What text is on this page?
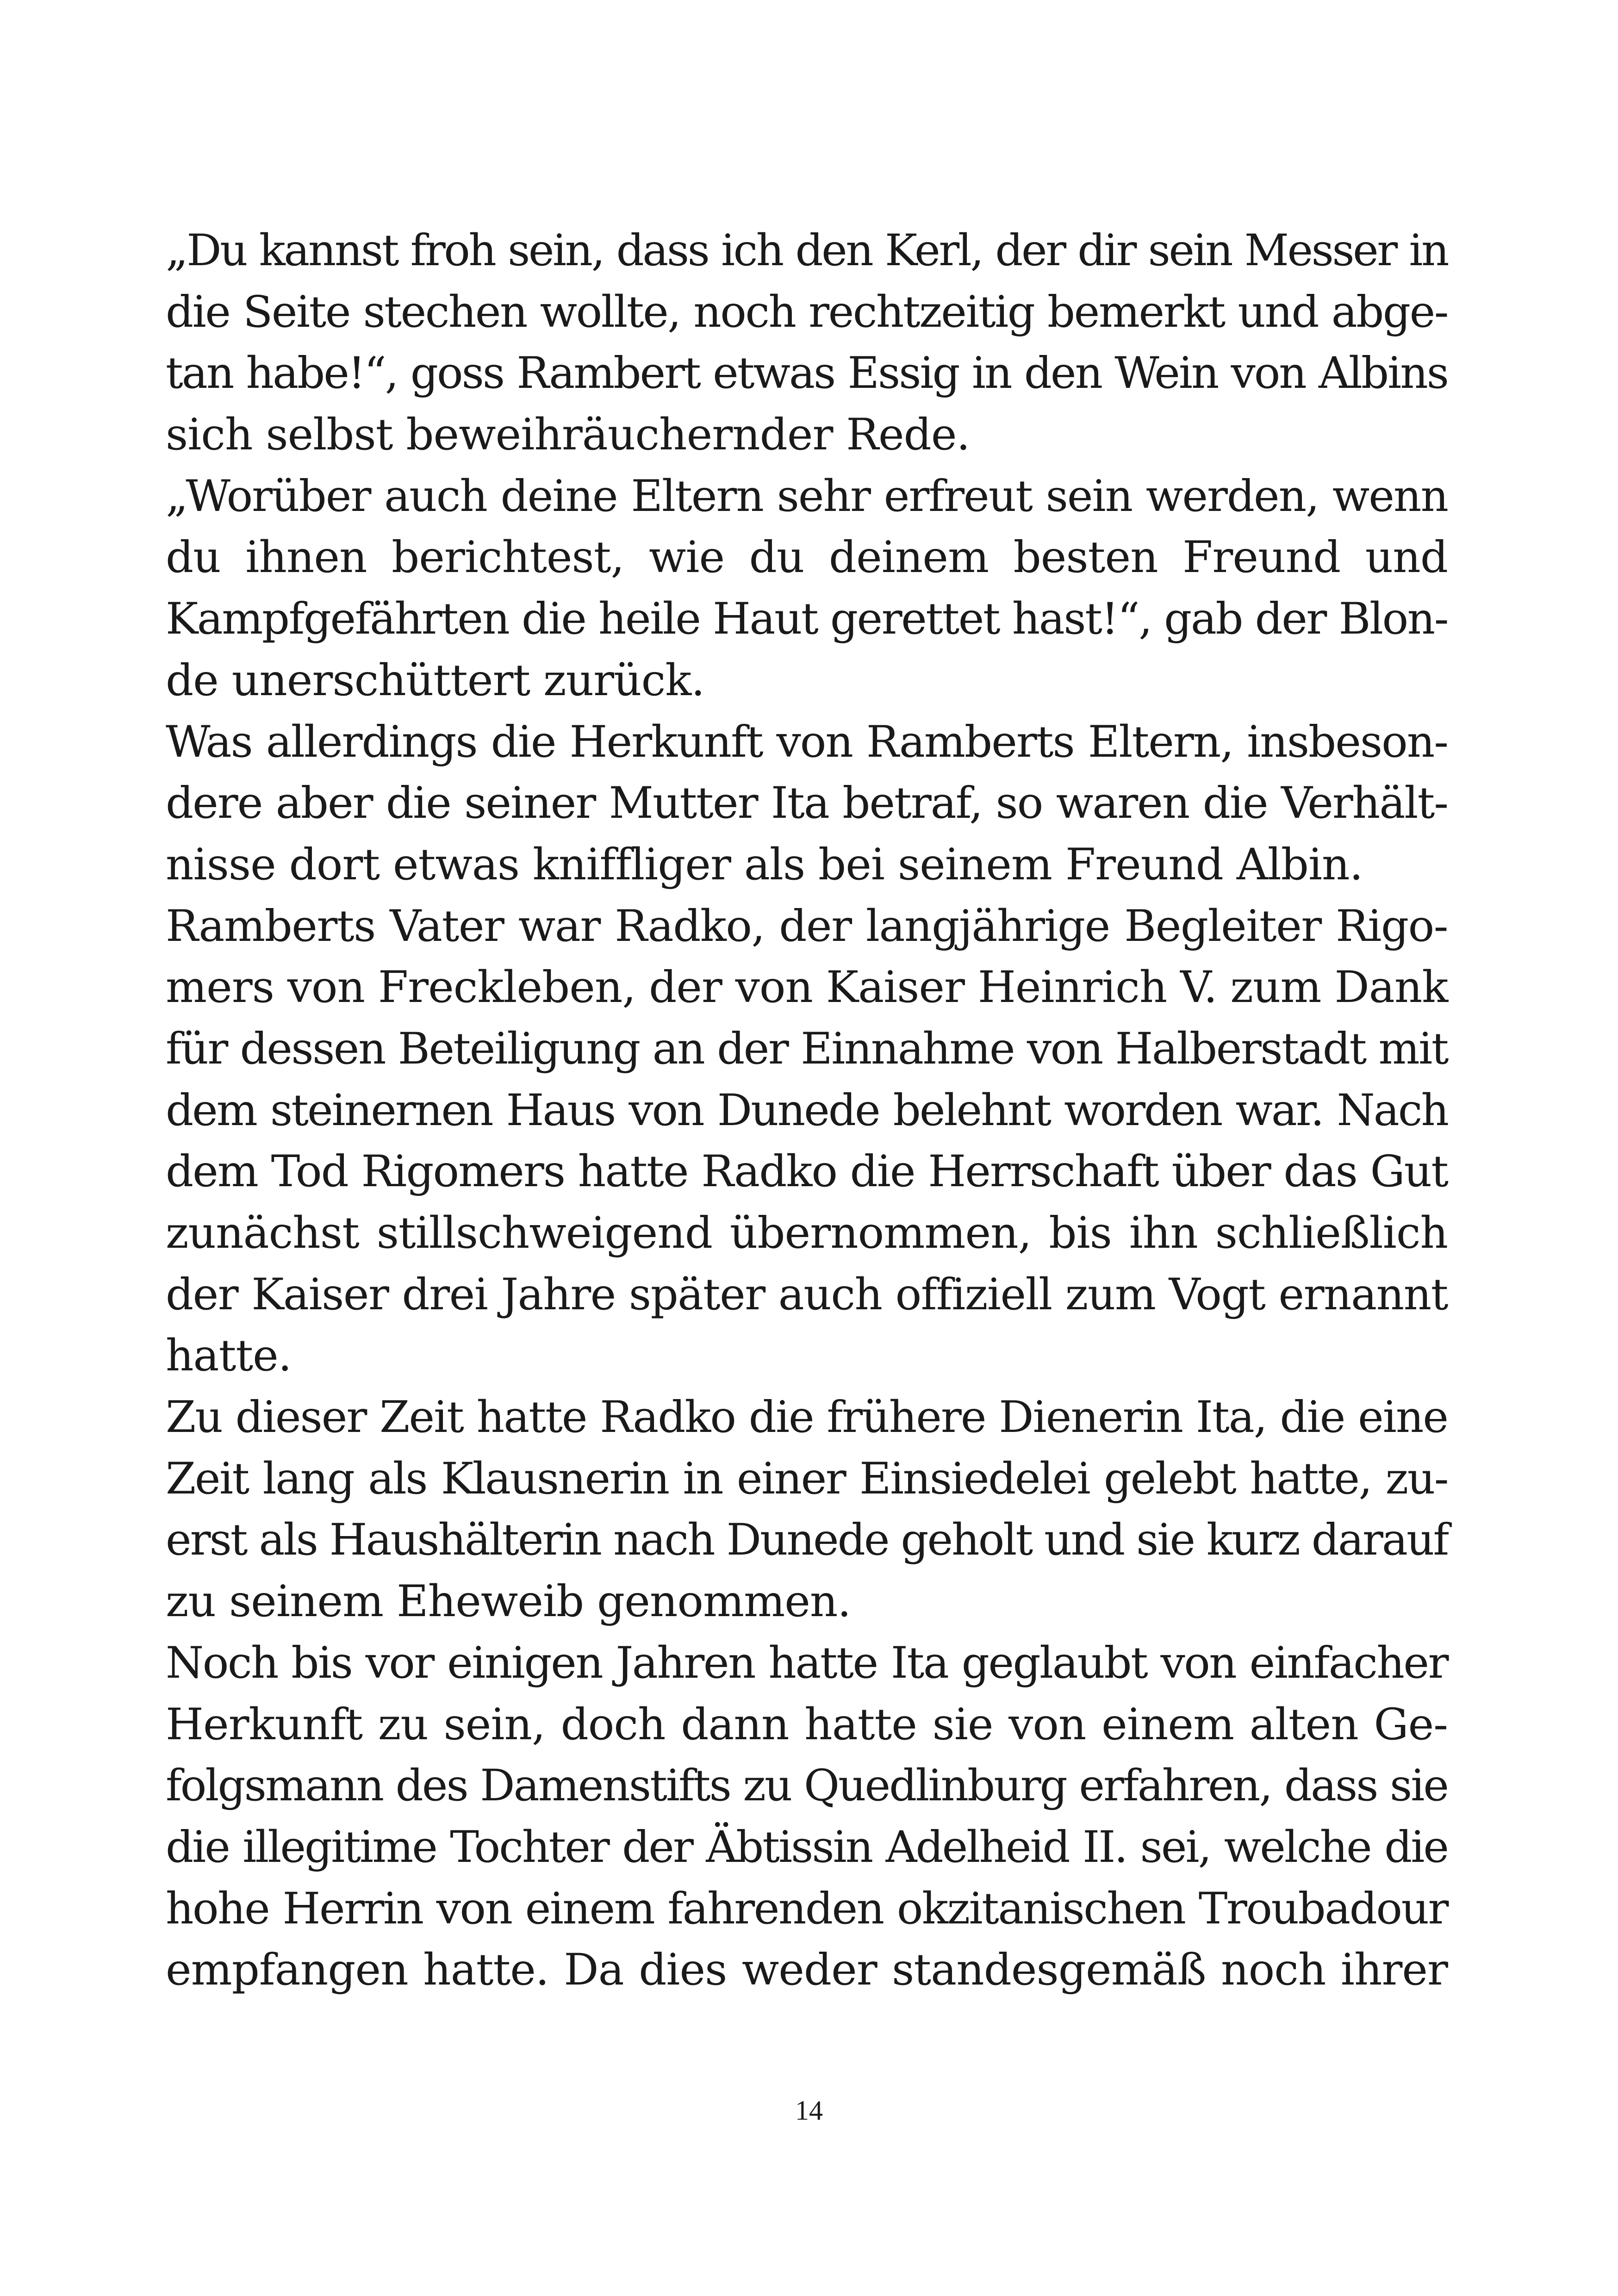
„Du kannst froh sein, dass ich den Kerl, der dir sein Messer in
die Seite stechen wollte, noch rechtzeitig bemerkt und abge-
tan habe!“, goss Rambert etwas Essig in den Wein von Albins
sich selbst beweihräuchernder Rede.
„Worüber auch deine Eltern sehr erfreut sein werden, wenn
du ihnen berichtest, wie du deinem besten Freund und
Kampfgefährten die heile Haut gerettet hast!“, gab der Blon-
de unerschüttert zurück.
Was allerdings die Herkunft von Ramberts Eltern, insbeson-
dere aber die seiner Mutter Ita betraf, so waren die Verhält-
nisse dort etwas kniffliger als bei seinem Freund Albin.
Ramberts Vater war Radko, der langjährige Begleiter Rigo-
mers von Freckleben, der von Kaiser Heinrich V. zum Dank
für dessen Beteiligung an der Einnahme von Halberstadt mit
dem steinernen Haus von Dunede belehnt worden war. Nach
dem Tod Rigomers hatte Radko die Herrschaft über das Gut
zunächst stillschweigend übernommen, bis ihn schließlich
der Kaiser drei Jahre später auch offiziell zum Vogt ernannt
hatte.
Zu dieser Zeit hatte Radko die frühere Dienerin Ita, die eine
Zeit lang als Klausnerin in einer Einsiedelei gelebt hatte, zu-
erst als Haushälterin nach Dunede geholt und sie kurz darauf
zu seinem Eheweib genommen.
Noch bis vor einigen Jahren hatte Ita geglaubt von einfacher
Herkunft zu sein, doch dann hatte sie von einem alten Ge-
folgsmann des Damenstifts zu Quedlinburg erfahren, dass sie
die illegitime Tochter der Äbtissin Adelheid II. sei, welche die
hohe Herrin von einem fahrenden okzitanischen Troubadour
empfangen hatte. Da dies weder standesgemäß noch ihrer
14
